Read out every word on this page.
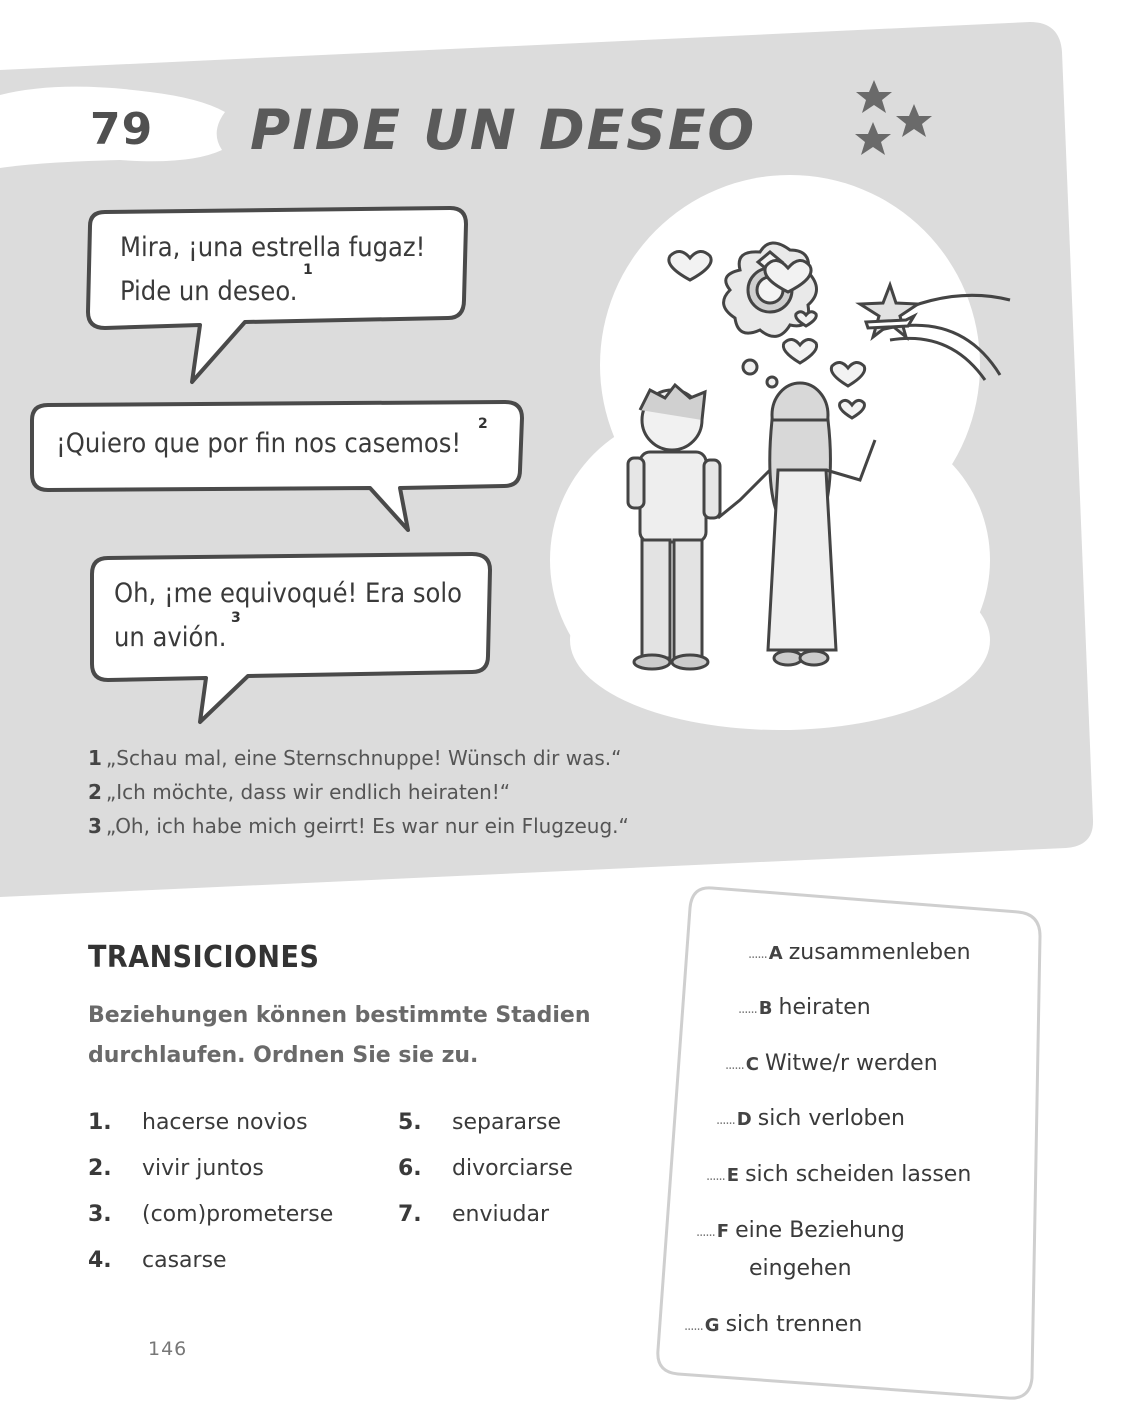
79 PIDE UN DESEO
Mira, ¡una estrella fugaz!
Pide un deseo.
1
¡Quiero que por fin nos casemos!
2
Oh, ¡me equivoqué! Era solo
un avión.
3
1 „Schau mal, eine Sternschnuppe! Wünsch dir was.“
2 „Ich möchte, dass wir endlich heiraten!“
3 „Oh, ich habe mich geirrt! Es war nur ein Flugzeug.“
TRANSICIONES
Beziehungen können bestimmte Stadien durchlaufen. Ordnen Sie sie zu.
1. hacerse novios
2. vivir juntos
3. (com)prometerse
4. casarse
5. separarse
6. divorciarse
7. enviudar
...... A zusammenleben
...... B heiraten
...... C Witwe/r werden
...... D sich verloben
...... E sich scheiden lassen
...... F eine Beziehung
eingehen
...... G sich trennen
146
